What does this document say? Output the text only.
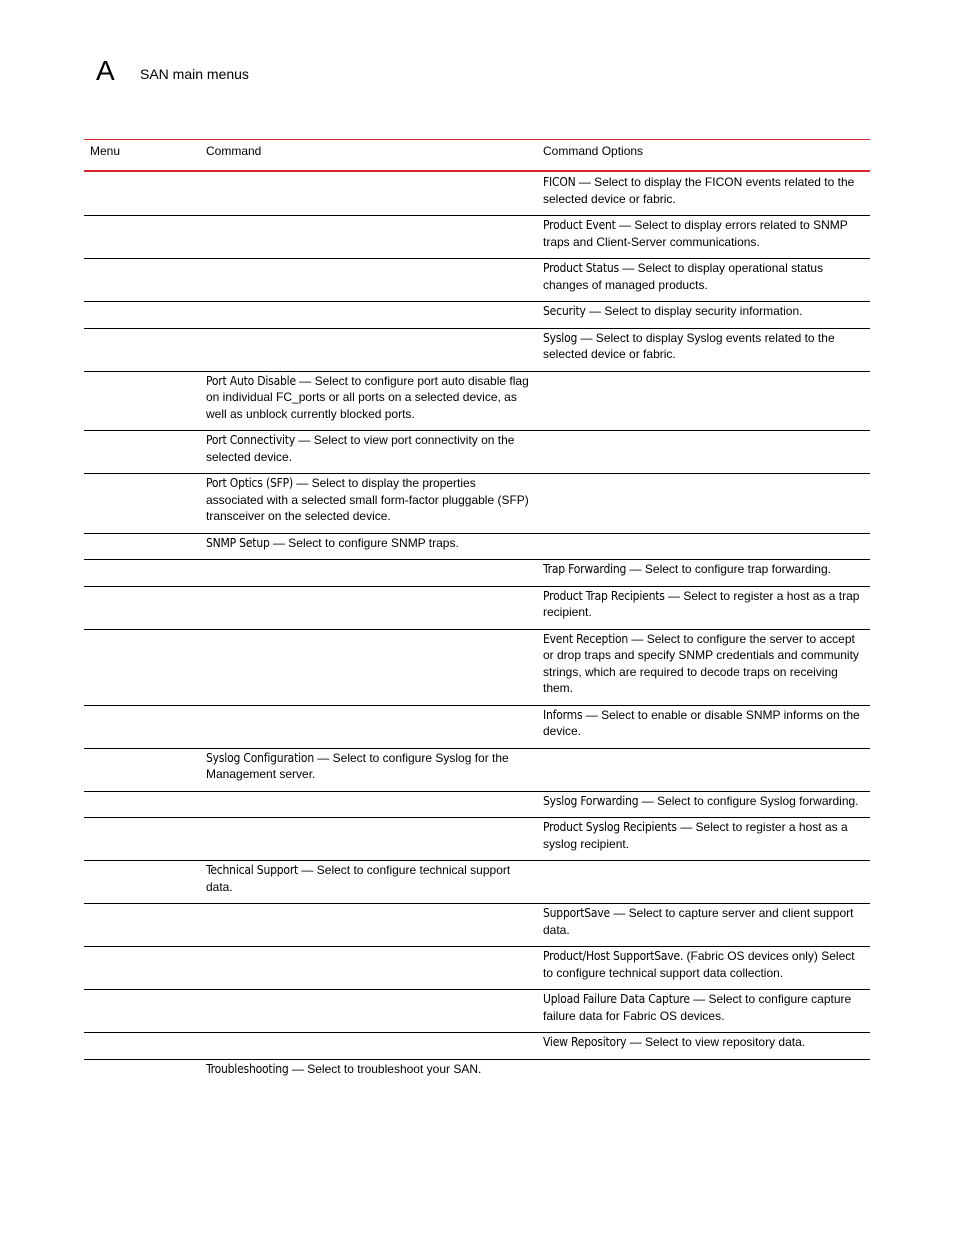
A SAN main menus
Menu	Command	Command Options
		FICON — Select to display the FICON events related to the selected device or fabric.
		Product Event — Select to display errors related to SNMP traps and Client-Server communications.
		Product Status — Select to display operational status changes of managed products.
		Security — Select to display security information.
		Syslog — Select to display Syslog events related to the selected device or fabric.
	Port Auto Disable — Select to configure port auto disable flag on individual FC_ports or all ports on a selected device, as well as unblock currently blocked ports.	
	Port Connectivity — Select to view port connectivity on the selected device.	
	Port Optics (SFP) — Select to display the properties associated with a selected small form-factor pluggable (SFP) transceiver on the selected device.	
	SNMP Setup — Select to configure SNMP traps.	
		Trap Forwarding — Select to configure trap forwarding.
		Product Trap Recipients — Select to register a host as a trap recipient.
		Event Reception — Select to configure the server to accept or drop traps and specify SNMP credentials and community strings, which are required to decode traps on receiving them.
		Informs — Select to enable or disable SNMP informs on the device.
	Syslog Configuration — Select to configure Syslog for the Management server.	
		Syslog Forwarding — Select to configure Syslog forwarding.
		Product Syslog Recipients — Select to register a host as a syslog recipient.
	Technical Support — Select to configure technical support data.	
		SupportSave — Select to capture server and client support data.
		Product/Host SupportSave. (Fabric OS devices only) Select to configure technical support data collection.
		Upload Failure Data Capture — Select to configure capture failure data for Fabric OS devices.
		View Repository — Select to view repository data.
	Troubleshooting — Select to troubleshoot your SAN.	
